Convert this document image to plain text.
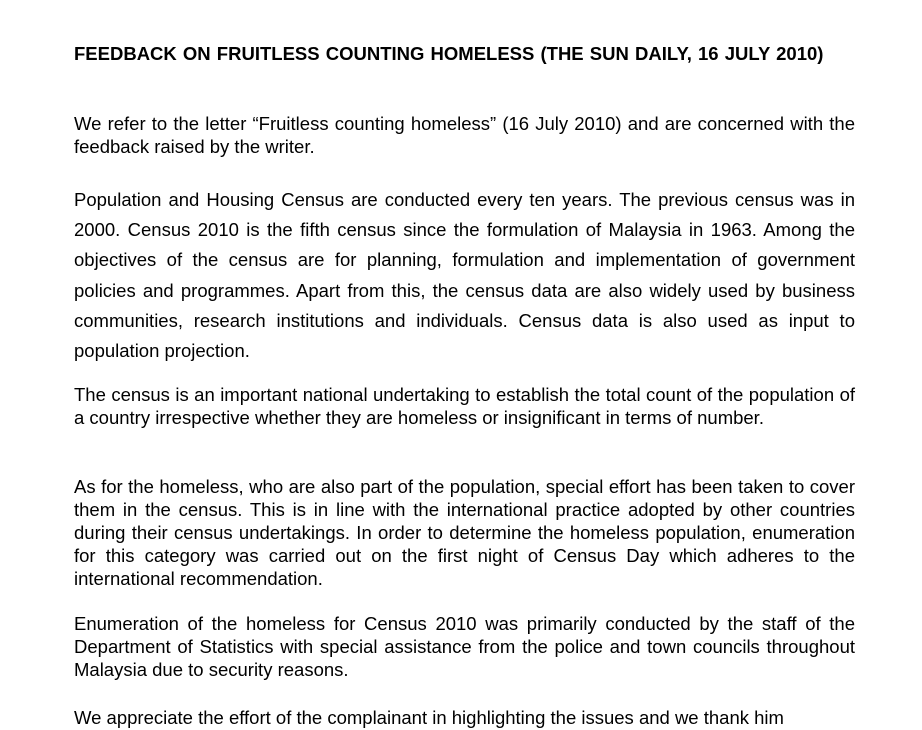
FEEDBACK ON FRUITLESS COUNTING HOMELESS (THE SUN DAILY, 16 JULY 2010)

We refer to the letter “Fruitless counting homeless” (16 July 2010) and are concerned with the feedback raised by the writer.

Population and Housing Census are conducted every ten years. The previous census was in 2000. Census 2010 is the fifth census since the formulation of Malaysia in 1963. Among the objectives of the census are for planning, formulation and implementation of government policies and programmes. Apart from this, the census data are also widely used by business communities, research institutions and individuals. Census data is also used as input to population projection.

The census is an important national undertaking to establish the total count of the population of a country irrespective whether they are homeless or insignificant in terms of number.

As for the homeless, who are also part of the population, special effort has been taken to cover them in the census. This is in line with the international practice adopted by other countries during their census undertakings. In order to determine the homeless population, enumeration for this category was carried out on the first night of Census Day which adheres to the international recommendation.

Enumeration of the homeless for Census 2010 was primarily conducted by the staff of the Department of Statistics with special assistance from the police and town councils throughout Malaysia due to security reasons.

We appreciate the effort of the complainant in highlighting the issues and we thank him
